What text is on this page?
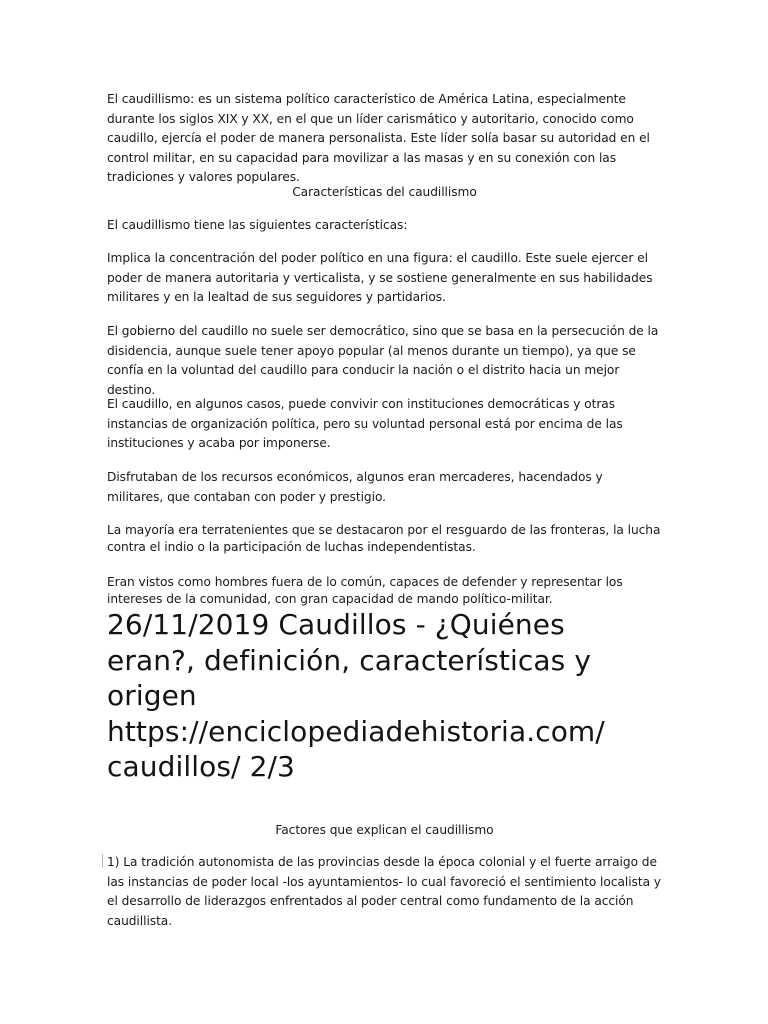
El caudillismo: es un sistema político característico de América Latina, especialmente durante los siglos XIX y XX, en el que un líder carismático y autoritario, conocido como caudillo, ejercía el poder de manera personalista. Este líder solía basar su autoridad en el control militar, en su capacidad para movilizar a las masas y en su conexión con las tradiciones y valores populares.

Características del caudillismo

El caudillismo tiene las siguientes características:

Implica la concentración del poder político en una figura: el caudillo. Este suele ejercer el poder de manera autoritaria y verticalista, y se sostiene generalmente en sus habilidades militares y en la lealtad de sus seguidores y partidarios.

El gobierno del caudillo no suele ser democrático, sino que se basa en la persecución de la disidencia, aunque suele tener apoyo popular (al menos durante un tiempo), ya que se confía en la voluntad del caudillo para conducir la nación o el distrito hacia un mejor destino.

El caudillo, en algunos casos, puede convivir con instituciones democráticas y otras instancias de organización política, pero su voluntad personal está por encima de las instituciones y acaba por imponerse.

Disfrutaban de los recursos económicos, algunos eran mercaderes, hacendados y militares, que contaban con poder y prestigio.

La mayoría era terratenientes que se destacaron por el resguardo de las fronteras, la lucha contra el indio o la participación de luchas independentistas.

Eran vistos como hombres fuera de lo común, capaces de defender y representar los intereses de la comunidad, con gran capacidad de mando político-militar.

26/11/2019 Caudillos - ¿Quiénes
eran?, definición, características y
origen
https://enciclopediadehistoria.com/
caudillos/ 2/3

Factores que explican el caudillismo

1) La tradición autonomista de las provincias desde la época colonial y el fuerte arraigo de las instancias de poder local -los ayuntamientos- lo cual favoreció el sentimiento localista y el desarrollo de liderazgos enfrentados al poder central como fundamento de la acción caudillista.
